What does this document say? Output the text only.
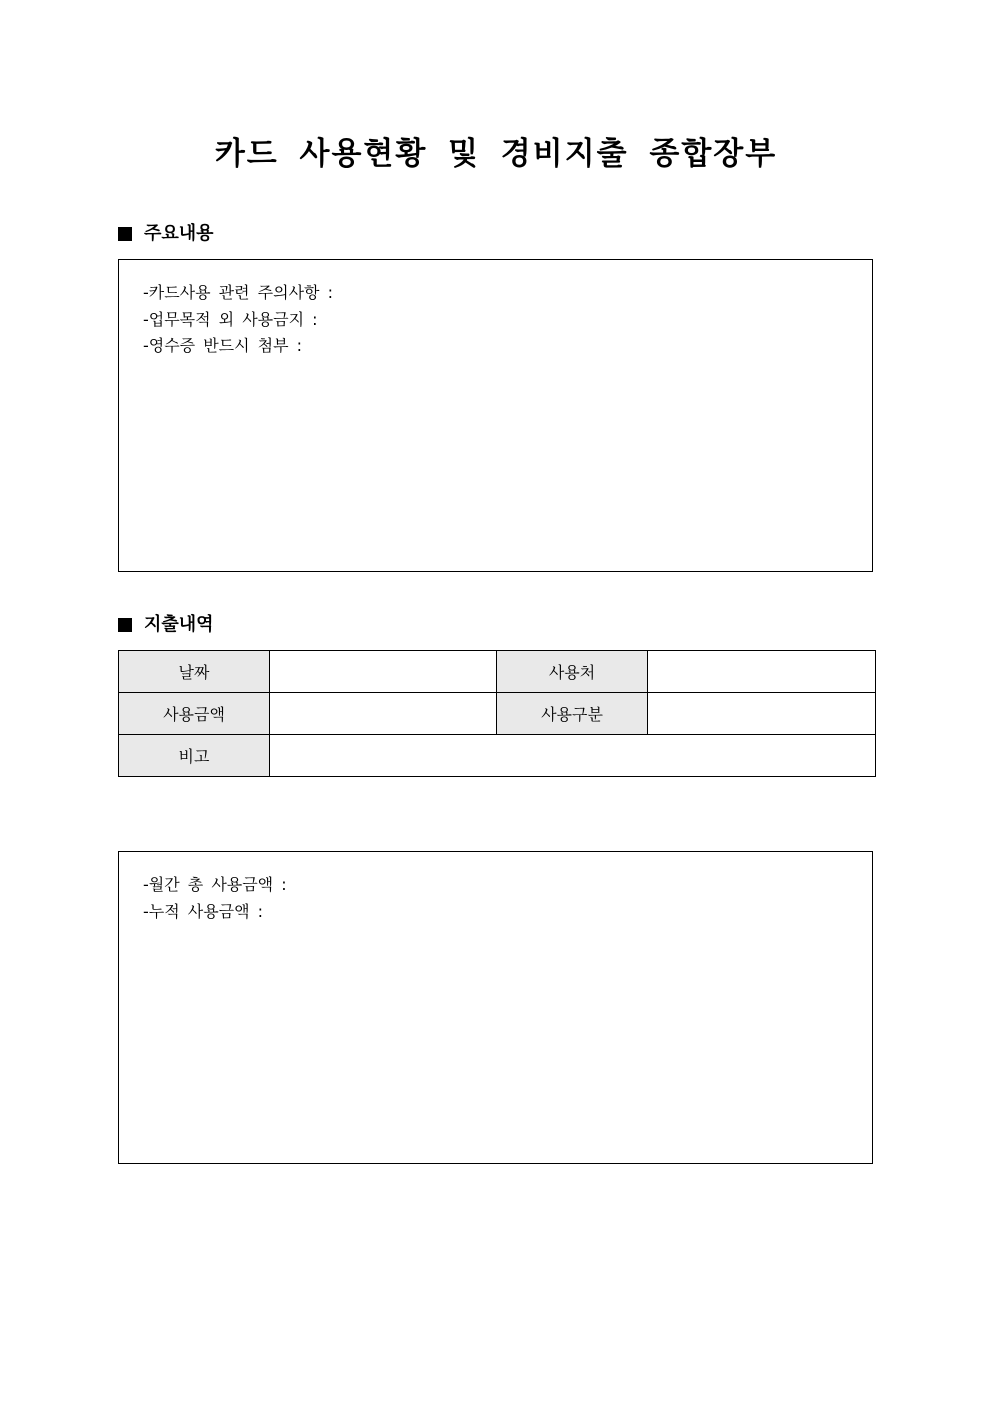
카드 사용현황 및 경비지출 종합장부
주요내용
-카드사용 관련 주의사항 :
-업무목적 외 사용금지 :
-영수증 반드시 첨부 :
지출내역
날짜		사용처	
사용금액		사용구분	
비고			
-월간 총 사용금액 :
-누적 사용금액 :
